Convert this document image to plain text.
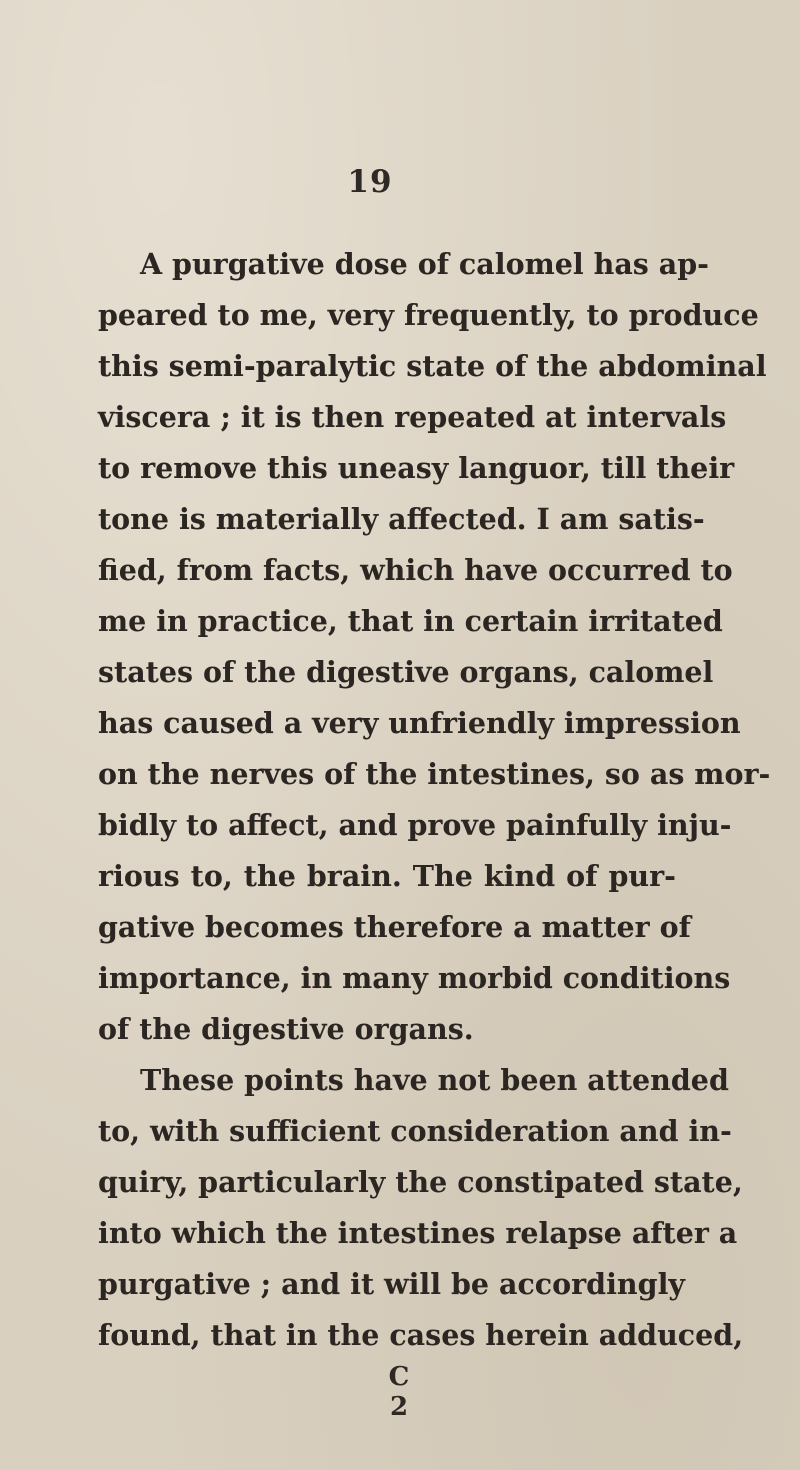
19
A purgative dose of calomel has ap-
peared to me, very frequently, to produce
this semi-paralytic state of the abdominal
viscera ; it is then repeated at intervals
to remove this uneasy languor, till their
tone is materially affected. I am satis-
fied, from facts, which have occurred to
me in practice, that in certain irritated
states of the digestive organs, calomel
has caused a very unfriendly impression
on the nerves of the intestines, so as mor-
bidly to affect, and prove painfully inju-
rious to, the brain. The kind of pur-
gative becomes therefore a matter of
importance, in many morbid conditions
of the digestive organs.
These points have not been attended
to, with sufficient consideration and in-
quiry, particularly the constipated state,
into which the intestines relapse after a
purgative ; and it will be accordingly
found, that in the cases herein adduced,
C 2
